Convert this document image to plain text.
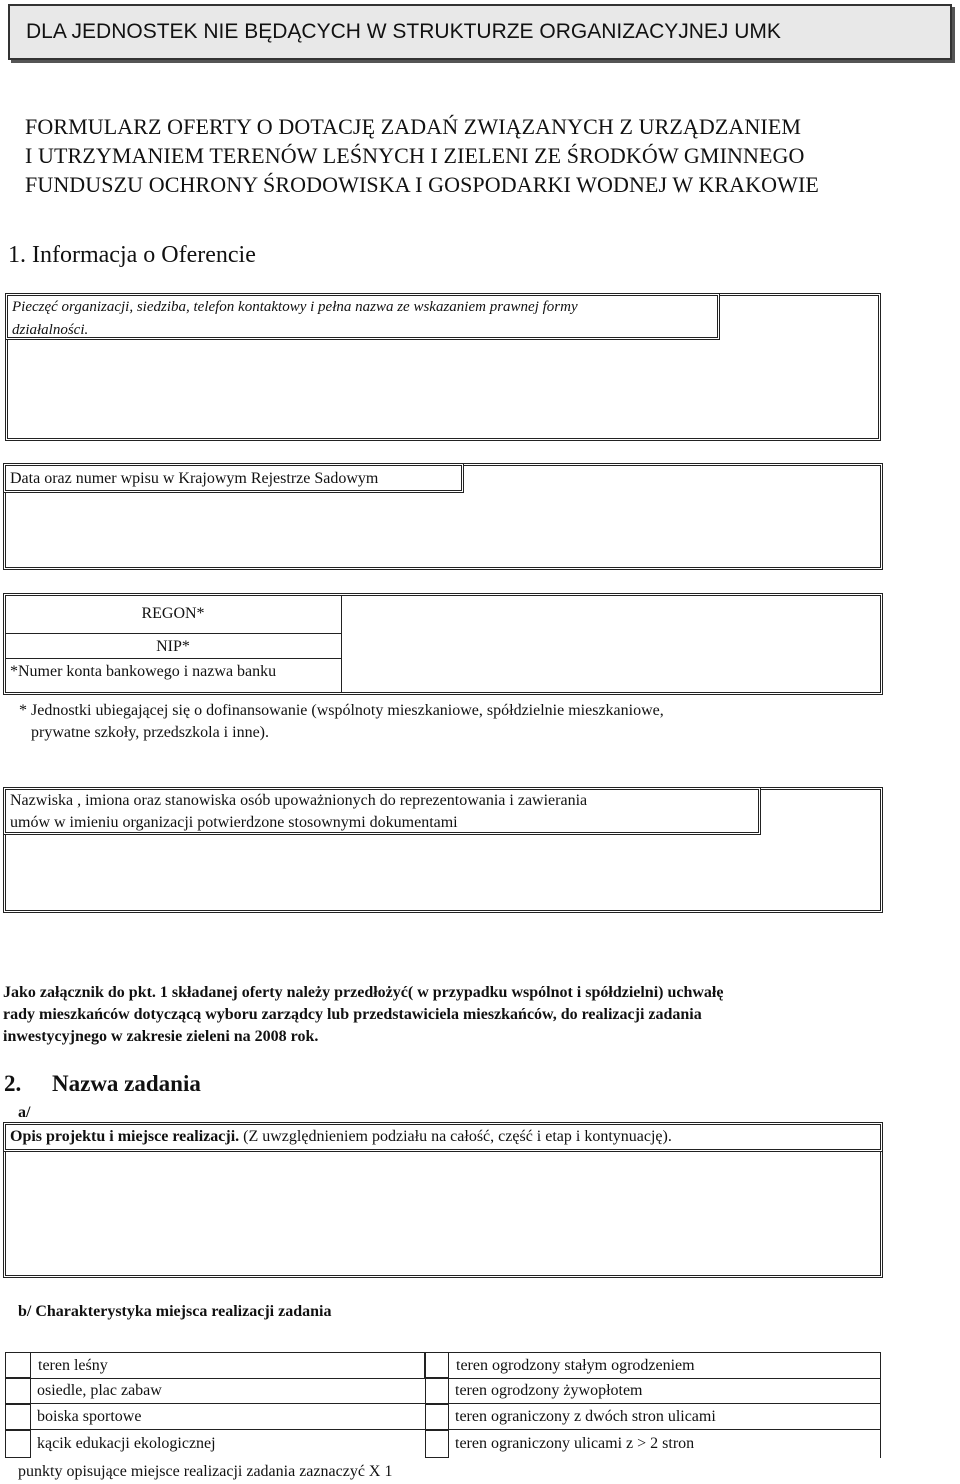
DLA JEDNOSTEK NIE BĘDĄCYCH W STRUKTURZE ORGANIZACYJNEJ UMK
FORMULARZ OFERTY O DOTACJĘ ZADAŃ ZWIĄZANYCH Z URZĄDZANIEM
I UTRZYMANIEM TERENÓW LEŚNYCH I ZIELENI ZE ŚRODKÓW GMINNEGO
FUNDUSZU OCHRONY ŚRODOWISKA I GOSPODARKI WODNEJ W KRAKOWIE
1. Informacja o Oferencie
Pieczęć organizacji, siedziba, telefon kontaktowy i pełna nazwa ze wskazaniem prawnej formy
działalności.
Data oraz numer wpisu w Krajowym Rejestrze Sadowym
REGON*
NIP*
*Numer konta bankowego i nazwa banku
* Jednostki ubiegającej się o dofinansowanie (wspólnoty mieszkaniowe, spółdzielnie mieszkaniowe,
prywatne szkoły, przedszkola i inne).
Nazwiska , imiona oraz stanowiska osób upoważnionych do reprezentowania i zawierania
umów w imieniu organizacji potwierdzone stosownymi dokumentami
Jako załącznik do pkt. 1 składanej oferty należy przedłożyć( w przypadku wspólnot i spółdzielni) uchwałę
rady mieszkańców dotyczącą wyboru zarządcy lub przedstawiciela mieszkańców, do realizacji zadania
inwestycyjnego w zakresie zieleni na 2008 rok.
2. Nazwa zadania
a/
Opis projektu i miejsce realizacji. (Z uwzględnieniem podziału na całość, część i etap i kontynuację).
b/ Charakterystyka miejsca realizacji zadania
teren leśny
osiedle, plac zabaw
boiska sportowe
kącik edukacji ekologicznej
teren ogrodzony stałym ogrodzeniem
teren ogrodzony żywopłotem
teren ograniczony z dwóch stron ulicami
teren ograniczony ulicami z > 2 stron
punkty opisujące miejsce realizacji zadania zaznaczyć X 1
